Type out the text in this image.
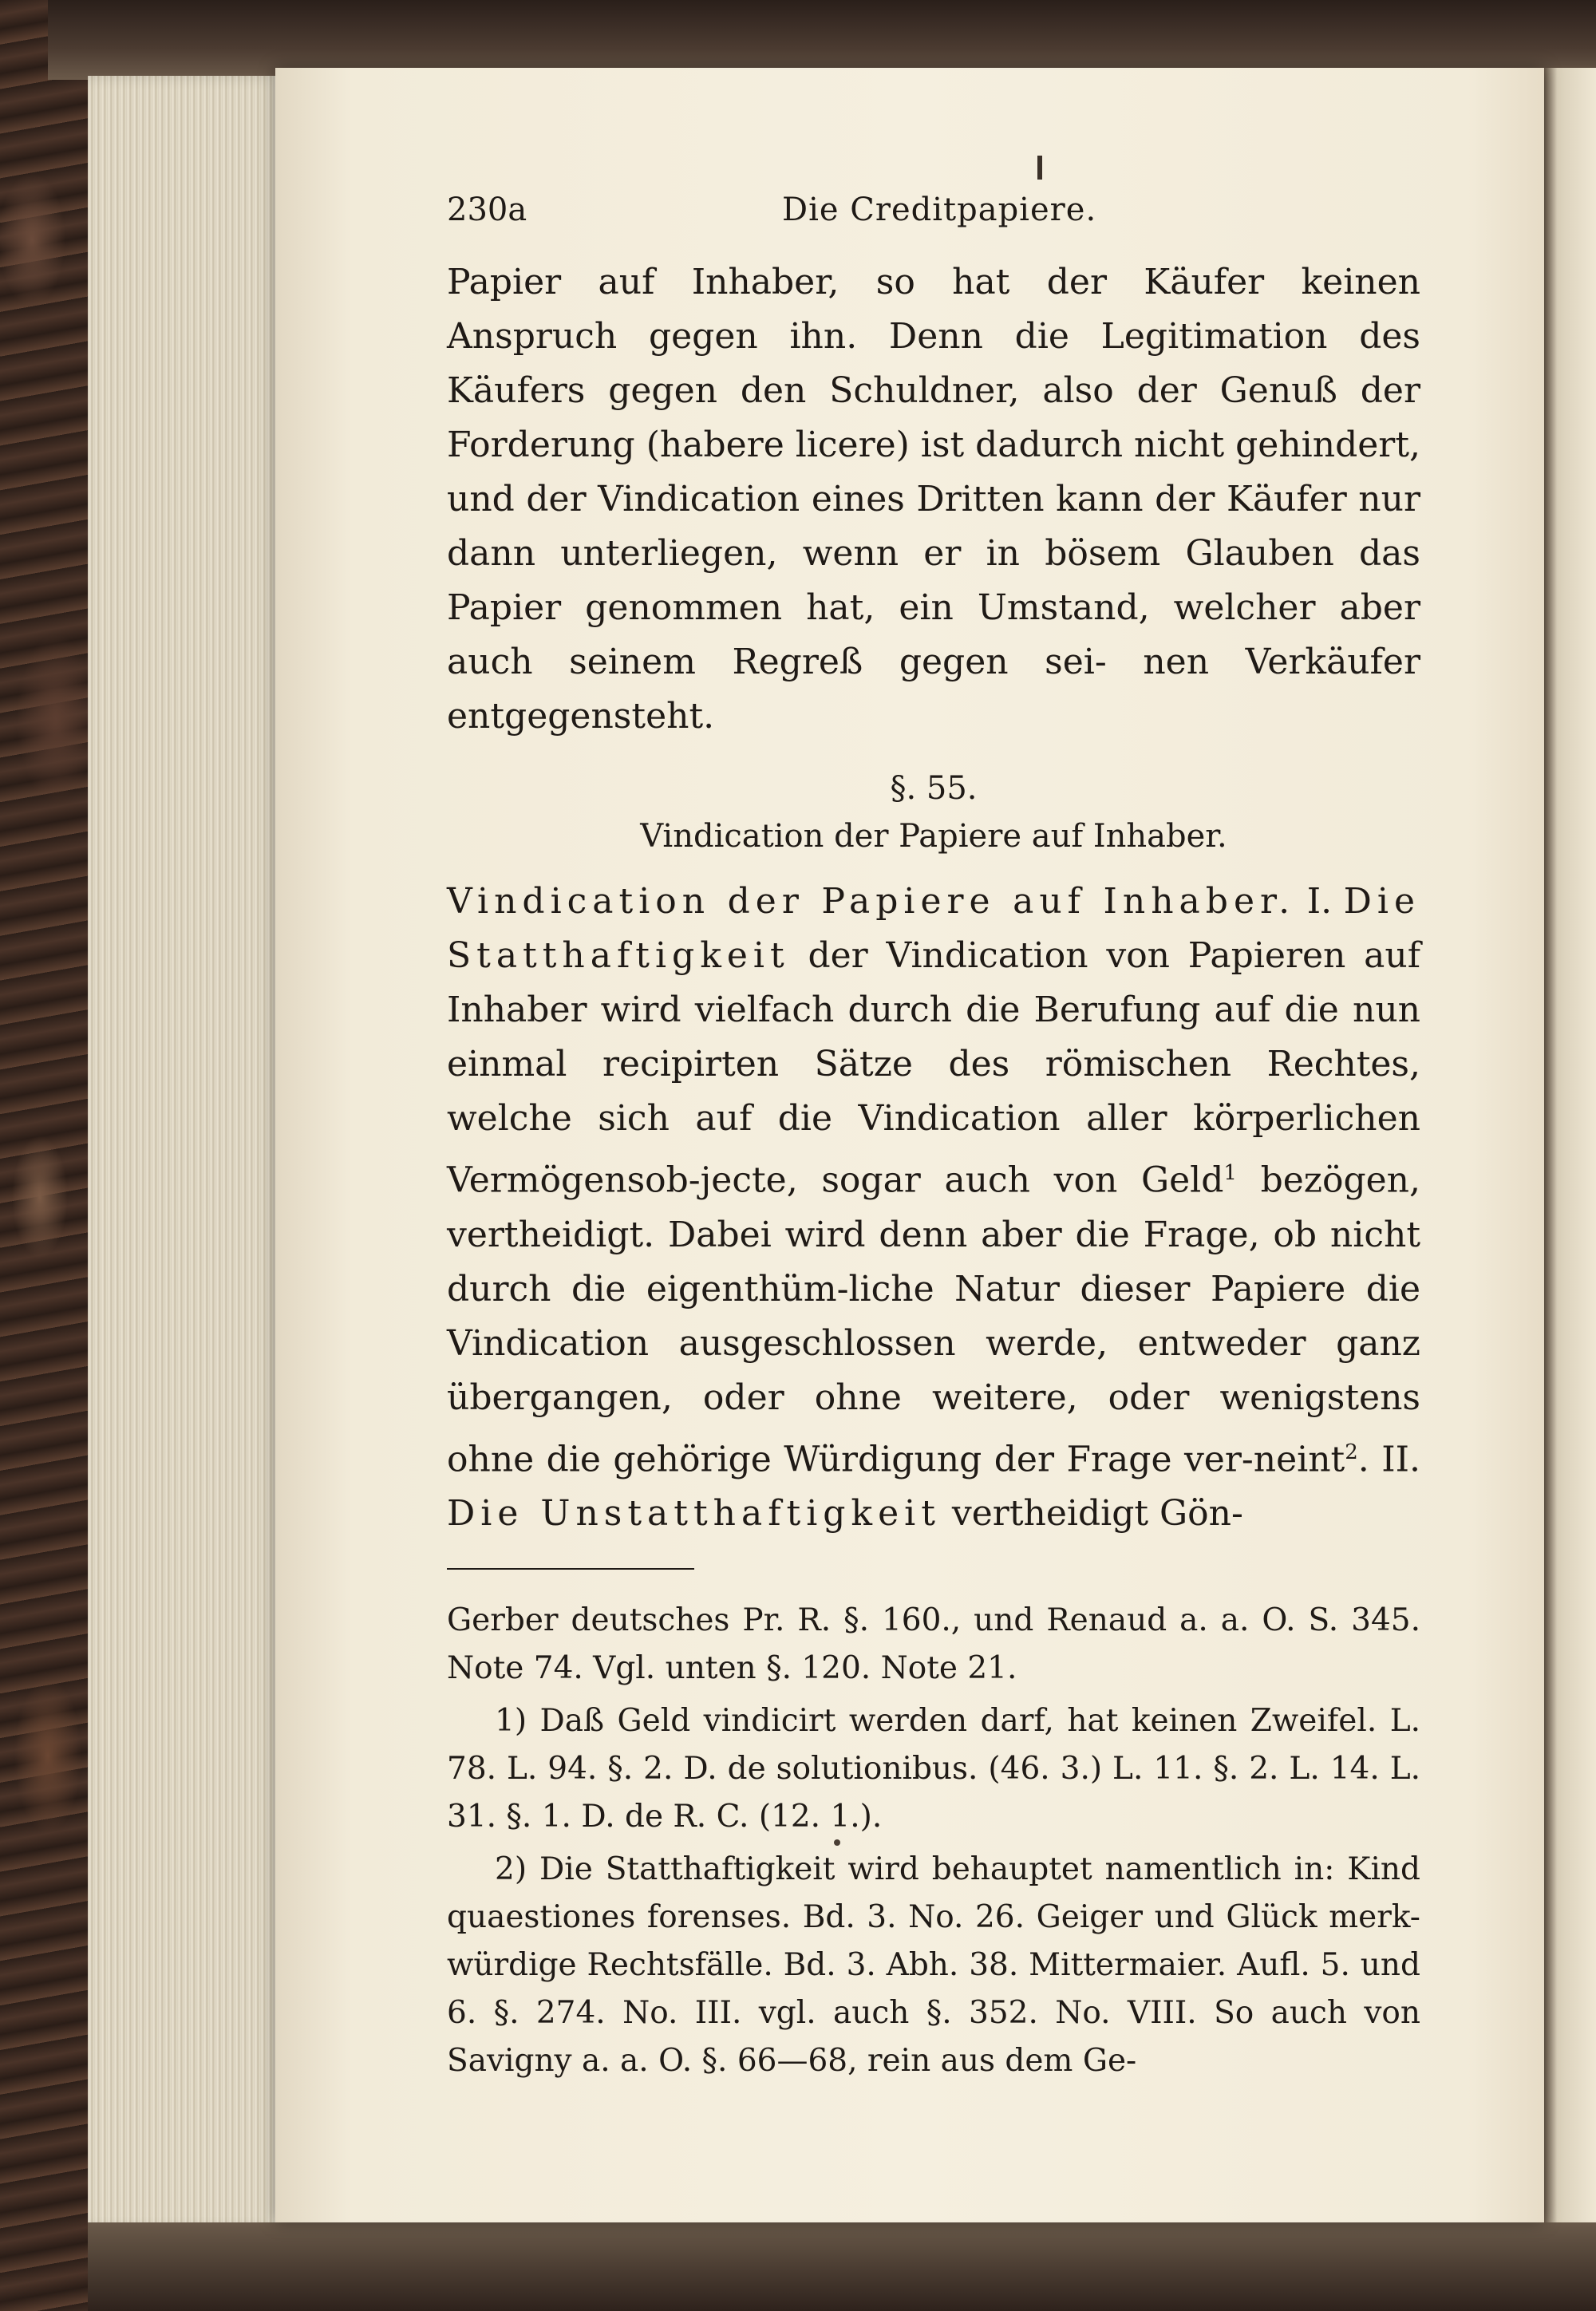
230a	Die Creditpapiere.
Papier auf Inhaber, so hat der Käufer keinen Anspruch gegen ihn. Denn die Legitimation des Käufers gegen den Schuldner, also der Genuß der Forderung (habere licere) ist dadurch nicht gehindert, und der Vindication eines Dritten kann der Käufer nur dann unterliegen, wenn er in bösem Glauben das Papier genommen hat, ein Umstand, welcher aber auch seinem Regreß gegen sei- nen Verkäufer entgegensteht.
§. 55.
Vindication der Papiere auf Inhaber.

Vindication der Papiere auf Inhaber. I. Die Statthaftigkeit der Vindication von Papieren auf Inhaber wird vielfach durch die Berufung auf die nun einmal recipirten Sätze des römischen Rechtes, welche sich auf die Vindication aller körperlichen Vermögensob-jecte, sogar auch von Geld$^1$ bezögen, vertheidigt. Dabei wird denn aber die Frage, ob nicht durch die eigenthüm-liche Natur dieser Papiere die Vindication ausgeschlossen werde, entweder ganz übergangen, oder ohne weitere, oder wenigstens ohne die gehörige Würdigung der Frage ver-neint$^2$. II. Die Unstatthaftigkeit vertheidigt Gön-

Gerber deutsches Pr. R. §. 160., und Renaud a. a. O. S. 345. Note 74. Vgl. unten §. 120. Note 21.

1) Daß Geld vindicirt werden darf, hat keinen Zweifel. L. 78. L. 94. §. 2. D. de solutionibus. (46. 3.) L. 11. §. 2. L. 14. L. 31. §. 1. D. de R. C. (12. 1.).

2) Die Statthaftigkeit wird behauptet namentlich in: Kind quaestiones forenses. Bd. 3. No. 26. Geiger und Glück merk-würdige Rechtsfälle. Bd. 3. Abh. 38. Mittermaier. Aufl. 5. und 6. §. 274. No. III. vgl. auch §. 352. No. VIII. So auch von Savigny a. a. O. §. 66—68, rein aus dem Ge-
